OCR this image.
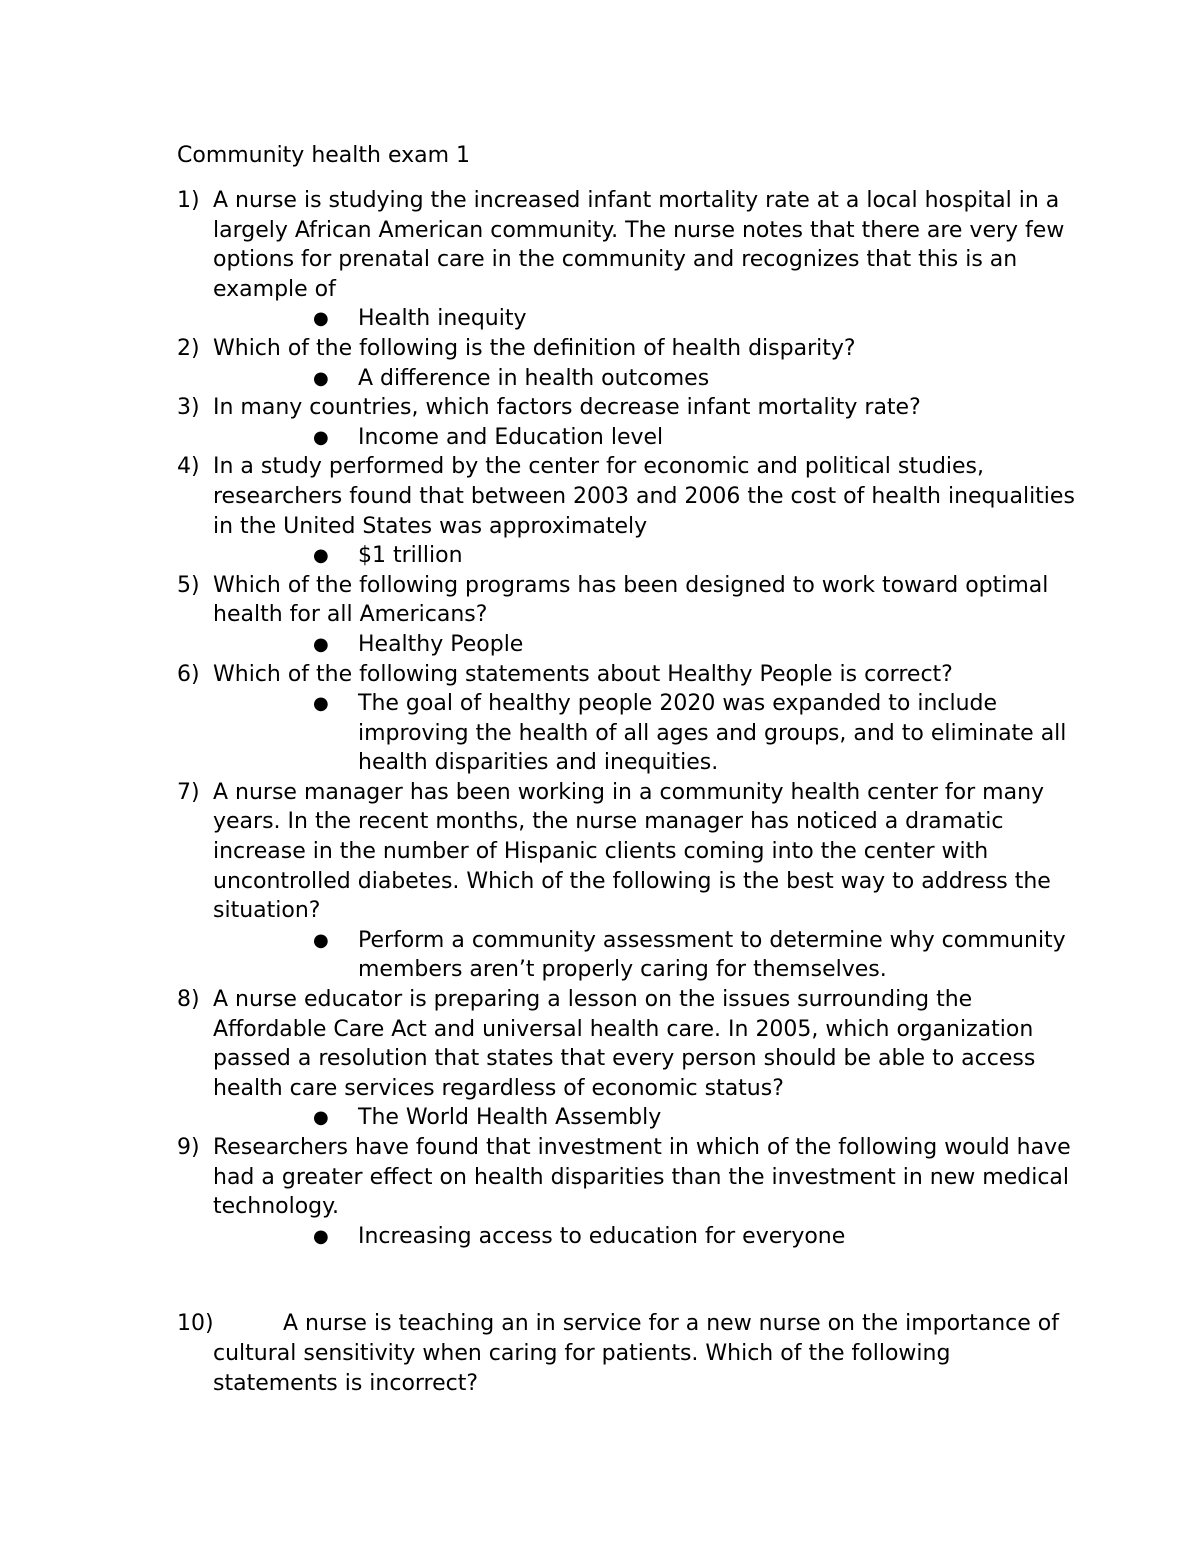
Community health exam 1
1) A nurse is studying the increased infant mortality rate at a local hospital in a largely African American community. The nurse notes that there are very few options for prenatal care in the community and recognizes that this is an example of
● Health inequity
2) Which of the following is the definition of health disparity?
● A difference in health outcomes
3) In many countries, which factors decrease infant mortality rate?
● Income and Education level
4) In a study performed by the center for economic and political studies, researchers found that between 2003 and 2006 the cost of health inequalities in the United States was approximately
● $1 trillion
5) Which of the following programs has been designed to work toward optimal health for all Americans?
● Healthy People
6) Which of the following statements about Healthy People is correct?
● The goal of healthy people 2020 was expanded to include improving the health of all ages and groups, and to eliminate all health disparities and inequities.
7) A nurse manager has been working in a community health center for many years. In the recent months, the nurse manager has noticed a dramatic increase in the number of Hispanic clients coming into the center with uncontrolled diabetes. Which of the following is the best way to address the situation?
● Perform a community assessment to determine why community members aren’t properly caring for themselves.
8) A nurse educator is preparing a lesson on the issues surrounding the Affordable Care Act and universal health care. In 2005, which organization passed a resolution that states that every person should be able to access health care services regardless of economic status?
● The World Health Assembly
9) Researchers have found that investment in which of the following would have had a greater effect on health disparities than the investment in new medical technology.
● Increasing access to education for everyone
10)	A nurse is teaching an in service for a new nurse on the importance of cultural sensitivity when caring for patients. Which of the following statements is incorrect?
